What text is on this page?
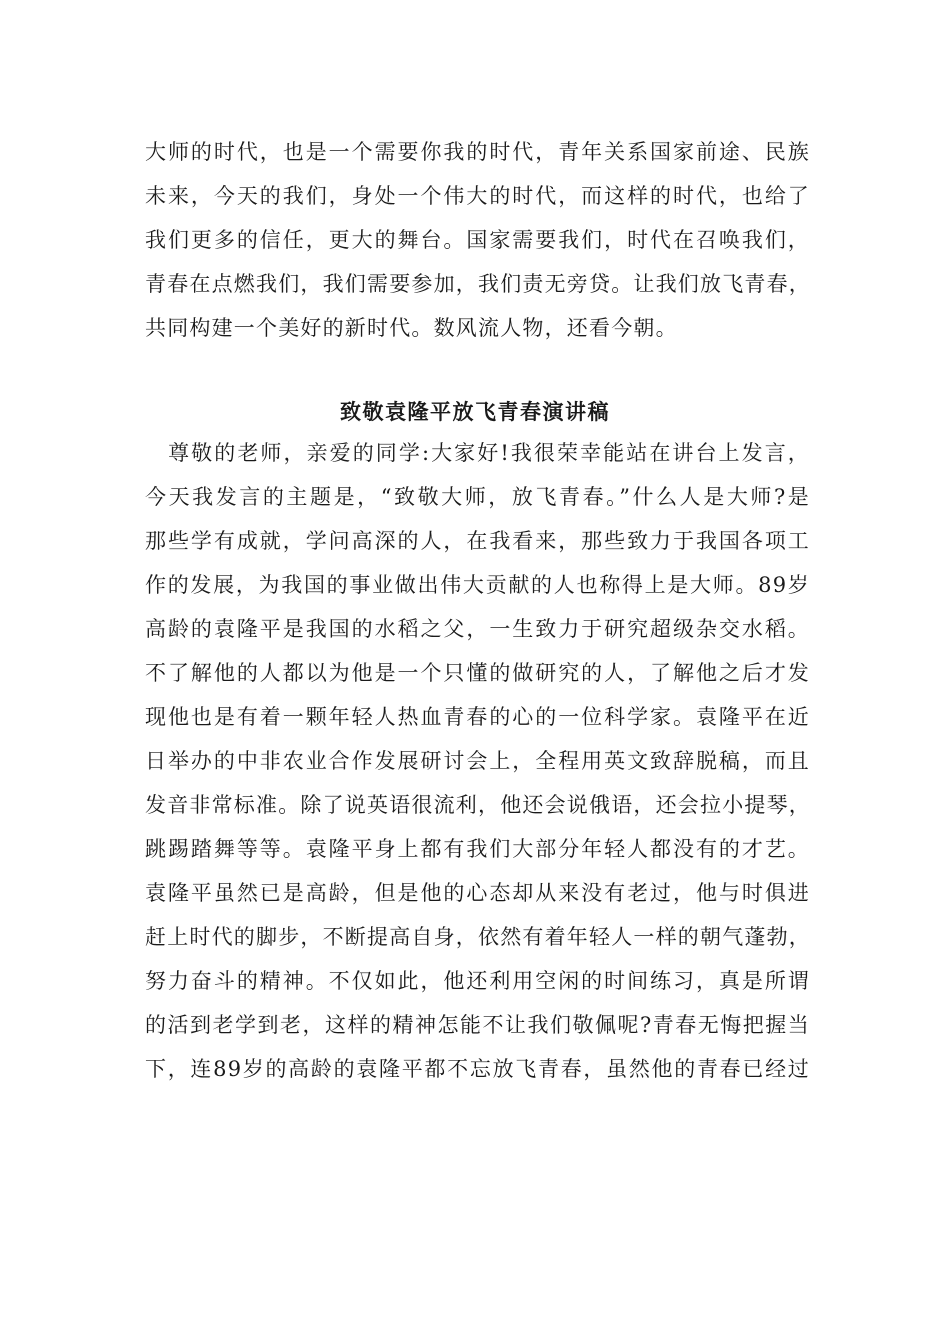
大师的时代，也是一个需要你我的时代，青年关系国家前途、民族
未来，今天的我们，身处一个伟大的时代，而这样的时代，也给了
我们更多的信任，更大的舞台。国家需要我们，时代在召唤我们，
青春在点燃我们，我们需要参加，我们责无旁贷。让我们放飞青春，
共同构建一个美好的新时代。数风流人物，还看今朝。
致敬袁隆平放飞青春演讲稿
　尊敬的老师，亲爱的同学:大家好!我很荣幸能站在讲台上发言，
今天我发言的主题是，“致敬大师，放飞青春。”什么人是大师?是
那些学有成就，学问高深的人，在我看来，那些致力于我国各项工
作的发展，为我国的事业做出伟大贡献的人也称得上是大师。89岁
高龄的袁隆平是我国的水稻之父，一生致力于研究超级杂交水稻。
不了解他的人都以为他是一个只懂的做研究的人，了解他之后才发
现他也是有着一颗年轻人热血青春的心的一位科学家。袁隆平在近
日举办的中非农业合作发展研讨会上，全程用英文致辞脱稿，而且
发音非常标准。除了说英语很流利，他还会说俄语，还会拉小提琴，
跳踢踏舞等等。袁隆平身上都有我们大部分年轻人都没有的才艺。
袁隆平虽然已是高龄，但是他的心态却从来没有老过，他与时俱进
赶上时代的脚步，不断提高自身，依然有着年轻人一样的朝气蓬勃，
努力奋斗的精神。不仅如此，他还利用空闲的时间练习，真是所谓
的活到老学到老，这样的精神怎能不让我们敬佩呢?青春无悔把握当
下，连89岁的高龄的袁隆平都不忘放飞青春，虽然他的青春已经过
